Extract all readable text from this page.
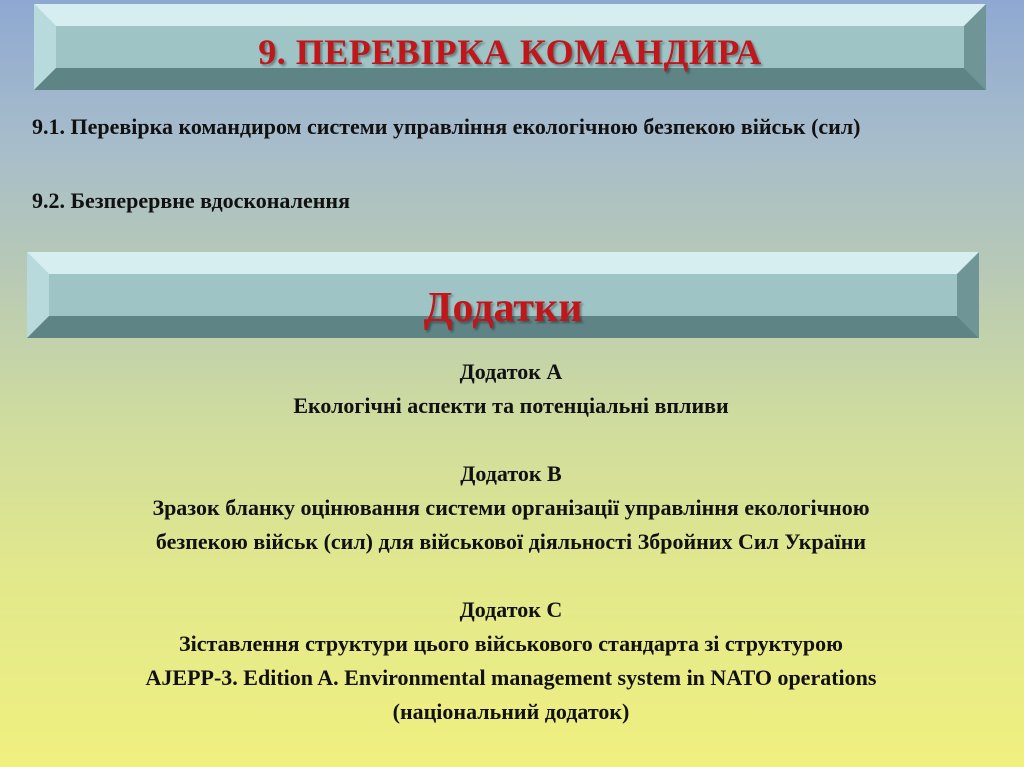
9. ПЕРЕВІРКА КОМАНДИРА
9.1. Перевірка командиром системи управління екологічною безпекою військ (сил)
9.2. Безперервне вдосконалення
Додатки
Додаток А
Екологічні аспекти та потенціальні впливи
Додаток B
Зразок бланку оцінювання системи організації управління екологічною
безпекою військ (сил) для військової діяльності Збройних Сил України
Додаток С
Зіставлення структури цього військового стандарта зі структурою
AJEPP-3. Edition A. Environmental management system in NATO operations
(національний додаток)
